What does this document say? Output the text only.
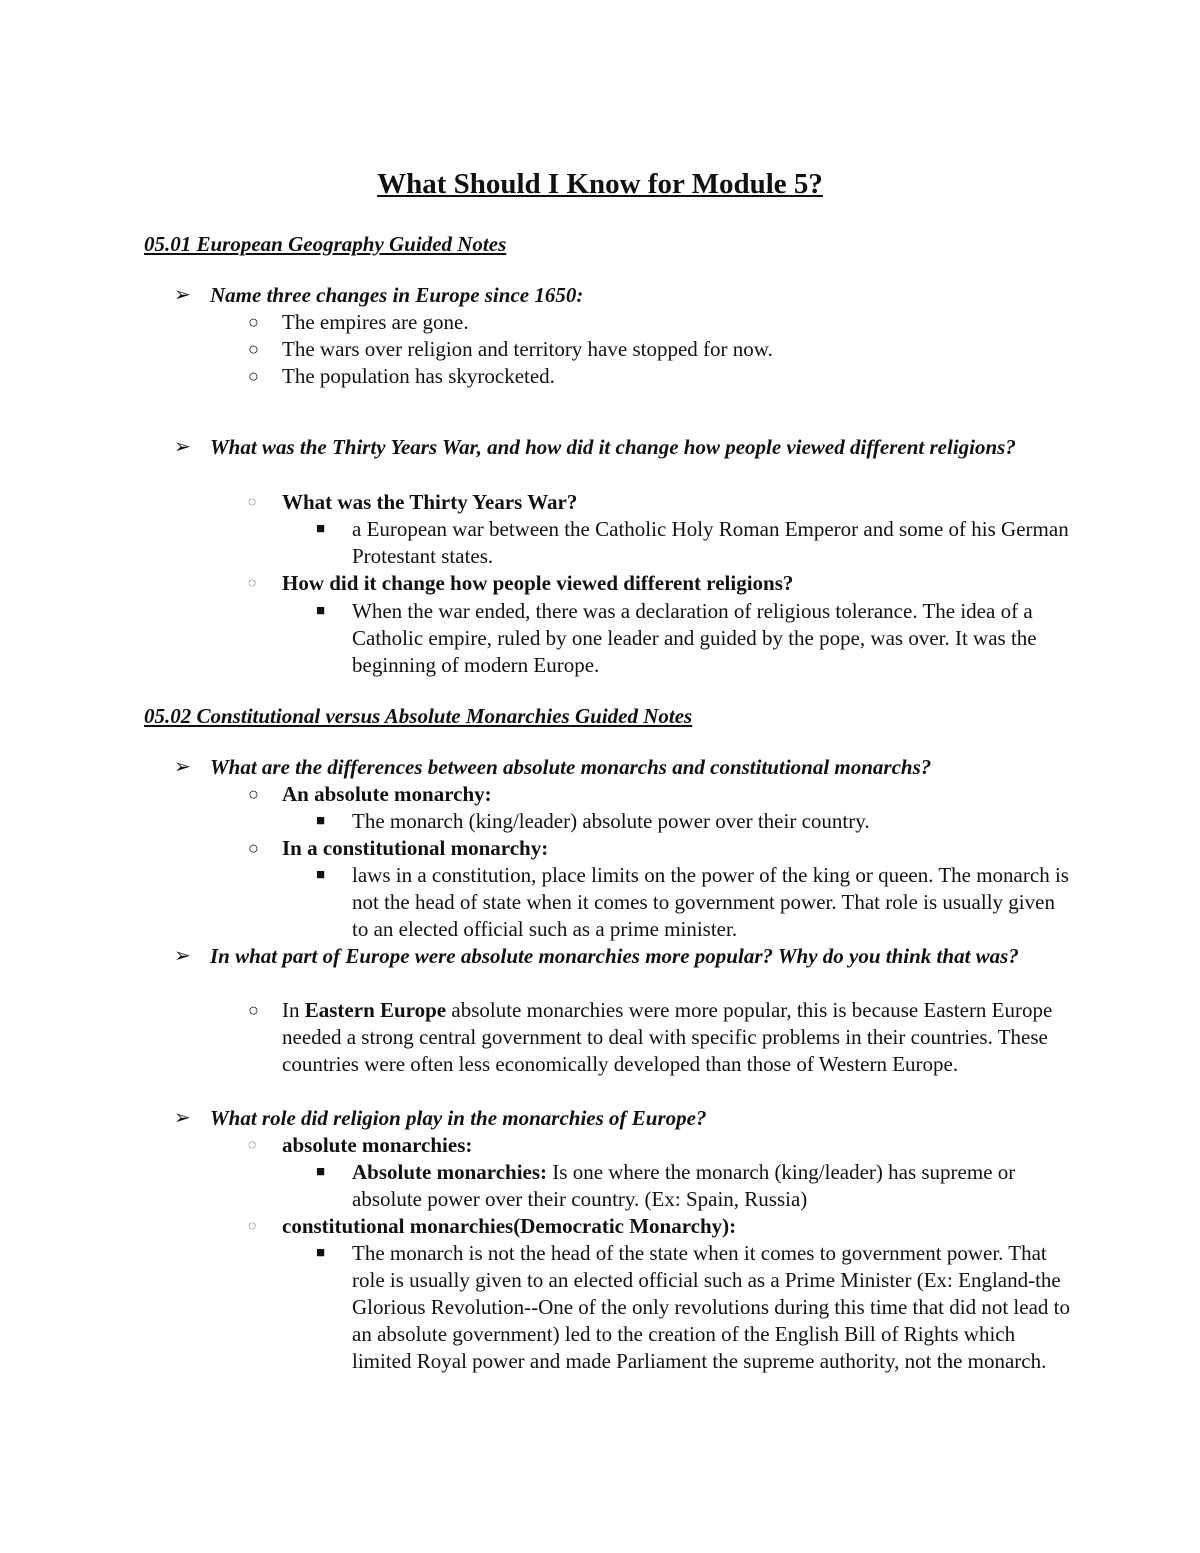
What Should I Know for Module 5?

05.01 European Geography Guided Notes

➢ Name three changes in Europe since 1650:
○ The empires are gone.
○ The wars over religion and territory have stopped for now.
○ The population has skyrocketed.
➢ What was the Thirty Years War, and how did it change how people viewed different religions?
◌ What was the Thirty Years War?
■ a European war between the Catholic Holy Roman Emperor and some of his German Protestant states.
◌ How did it change how people viewed different religions?
■ When the war ended, there was a declaration of religious tolerance. The idea of a Catholic empire, ruled by one leader and guided by the pope, was over. It was the beginning of modern Europe.

05.02 Constitutional versus Absolute Monarchies Guided Notes

➢ What are the differences between absolute monarchs and constitutional monarchs?
○ An absolute monarchy:
■ The monarch (king/leader) absolute power over their country.
○ In a constitutional monarchy:
■ laws in a constitution, place limits on the power of the king or queen. The monarch is not the head of state when it comes to government power. That role is usually given to an elected official such as a prime minister.
➢ In what part of Europe were absolute monarchies more popular? Why do you think that was?
○ In Eastern Europe absolute monarchies were more popular, this is because Eastern Europe needed a strong central government to deal with specific problems in their countries. These countries were often less economically developed than those of Western Europe.
➢ What role did religion play in the monarchies of Europe?
◌ absolute monarchies:
■ Absolute monarchies: Is one where the monarch (king/leader) has supreme or absolute power over their country. (Ex: Spain, Russia)
◌ constitutional monarchies(Democratic Monarchy):
■ The monarch is not the head of the state when it comes to government power. That role is usually given to an elected official such as a Prime Minister (Ex: England-the Glorious Revolution--One of the only revolutions during this time that did not lead to an absolute government) led to the creation of the English Bill of Rights which limited Royal power and made Parliament the supreme authority, not the monarch.
